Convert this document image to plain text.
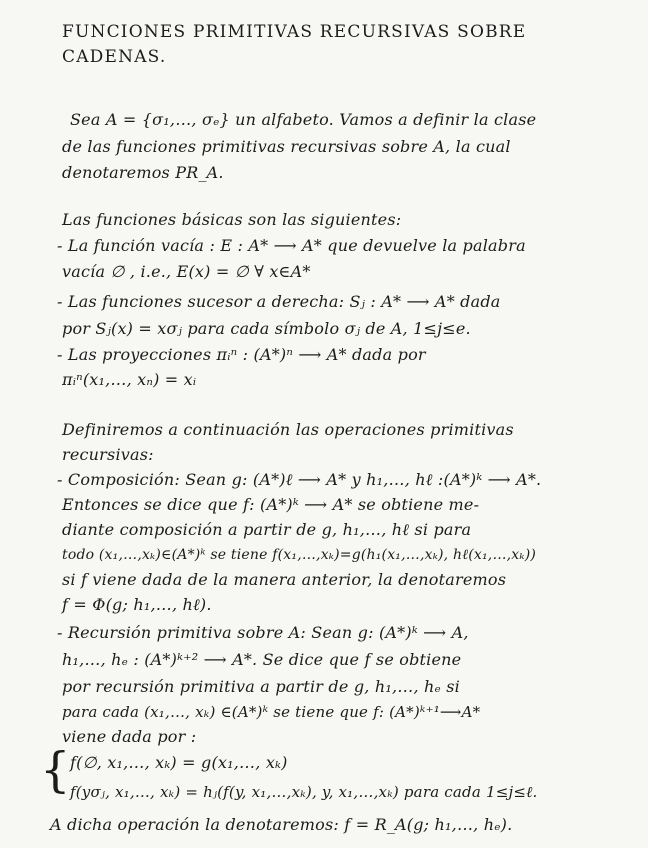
FUNCIONES PRIMITIVAS RECURSIVAS SOBRE
CADENAS.
Sea A = {σ₁,…, σₑ} un alfabeto. Vamos a definir la clase
de las funciones primitivas recursivas sobre A, la cual
denotaremos PR_A.
Las funciones básicas son las siguientes:
- La función vacía : E : A* ⟶ A* que devuelve la palabra
vacía ∅ , i.e., E(x) = ∅ ∀ x∈A*
- Las funciones sucesor a derecha: Sⱼ : A* ⟶ A* dada
por Sⱼ(x) = xσⱼ para cada símbolo σⱼ de A, 1≤j≤e.
- Las proyecciones πᵢⁿ : (A*)ⁿ ⟶ A* dada por
πᵢⁿ(x₁,…, xₙ) = xᵢ
Definiremos a continuación las operaciones primitivas
recursivas:
- Composición: Sean g: (A*)ℓ ⟶ A* y h₁,…, hℓ :(A*)ᵏ ⟶ A*.
Entonces se dice que f: (A*)ᵏ ⟶ A* se obtiene me-
diante composición a partir de g, h₁,…, hℓ si para
todo (x₁,…,xₖ)∈(A*)ᵏ se tiene f(x₁,…,xₖ)=g(h₁(x₁,…,xₖ), hℓ(x₁,…,xₖ))
si f viene dada de la manera anterior, la denotaremos
f = Φ(g; h₁,…, hℓ).
- Recursión primitiva sobre A: Sean g: (A*)ᵏ ⟶ A,
h₁,…, hₑ : (A*)ᵏ⁺² ⟶ A*. Se dice que f se obtiene
por recursión primitiva a partir de g, h₁,…, hₑ si
para cada (x₁,…, xₖ) ∈(A*)ᵏ se tiene que f: (A*)ᵏ⁺¹⟶A*
viene dada por :
{ f(∅, x₁,…, xₖ) = g(x₁,…, xₖ)
f(yσⱼ, x₁,…, xₖ) = hⱼ(f(y, x₁,…,xₖ), y, x₁,…,xₖ) para cada 1≤j≤ℓ.
A dicha operación la denotaremos: f = R_A(g; h₁,…, hₑ).
